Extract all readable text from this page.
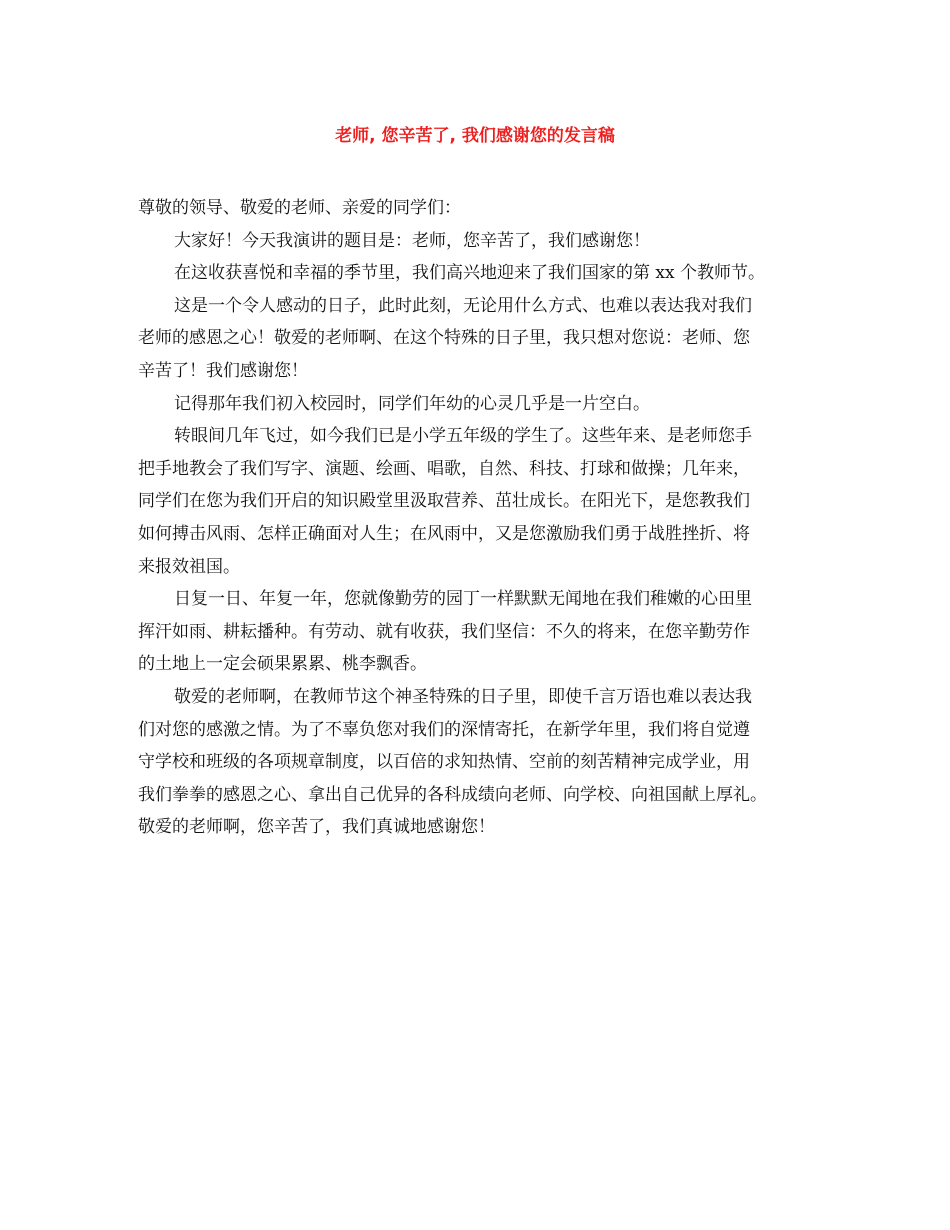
老师, 您辛苦了, 我们感谢您的发言稿
尊敬的领导、敬爱的老师、亲爱的同学们：
大家好！今天我演讲的题目是：老师，您辛苦了，我们感谢您！
在这收获喜悦和幸福的季节里，我们高兴地迎来了我们国家的第 xx 个教师节。
这是一个令人感动的日子，此时此刻，无论用什么方式、也难以表达我对我们
老师的感恩之心！敬爱的老师啊、在这个特殊的日子里，我只想对您说：老师、您
辛苦了！我们感谢您！
记得那年我们初入校园时，同学们年幼的心灵几乎是一片空白。
转眼间几年飞过，如今我们已是小学五年级的学生了。这些年来、是老师您手
把手地教会了我们写字、演题、绘画、唱歌，自然、科技、打球和做操；几年来，
同学们在您为我们开启的知识殿堂里汲取营养、茁壮成长。在阳光下，是您教我们
如何搏击风雨、怎样正确面对人生；在风雨中，又是您激励我们勇于战胜挫折、将
来报效祖国。
日复一日、年复一年，您就像勤劳的园丁一样默默无闻地在我们稚嫩的心田里
挥汗如雨、耕耘播种。有劳动、就有收获，我们坚信：不久的将来，在您辛勤劳作
的土地上一定会硕果累累、桃李飘香。
敬爱的老师啊，在教师节这个神圣特殊的日子里，即使千言万语也难以表达我
们对您的感激之情。为了不辜负您对我们的深情寄托，在新学年里，我们将自觉遵
守学校和班级的各项规章制度，以百倍的求知热情、空前的刻苦精神完成学业，用
我们拳拳的感恩之心、拿出自己优异的各科成绩向老师、向学校、向祖国献上厚礼。
敬爱的老师啊，您辛苦了，我们真诚地感谢您！
